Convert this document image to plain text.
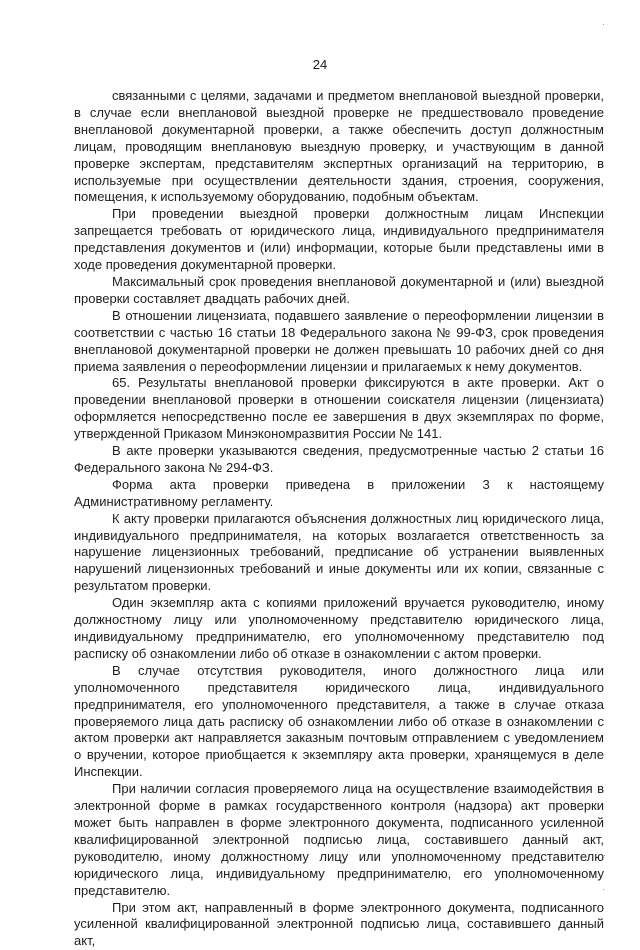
24

связанными с целями, задачами и предметом внеплановой выездной проверки, в случае если внеплановой выездной проверке не предшествовало проведение внеплановой документарной проверки, а также обеспечить доступ должностным лицам, проводящим внеплановую выездную проверку, и участвующим в данной проверке экспертам, представителям экспертных организаций на территорию, в используемые при осуществлении деятельности здания, строения, сооружения, помещения, к используемому оборудованию, подобным объектам.

При проведении выездной проверки должностным лицам Инспекции запрещается требовать от юридического лица, индивидуального предпринимателя представления документов и (или) информации, которые были представлены ими в ходе проведения документарной проверки.

Максимальный срок проведения внеплановой документарной и (или) выездной проверки составляет двадцать рабочих дней.

В отношении лицензиата, подавшего заявление о переоформлении лицензии в соответствии с частью 16 статьи 18 Федерального закона № 99-ФЗ, срок проведения внеплановой документарной проверки не должен превышать 10 рабочих дней со дня приема заявления о переоформлении лицензии и прилагаемых к нему документов.

65. Результаты внеплановой проверки фиксируются в акте проверки. Акт о проведении внеплановой проверки в отношении соискателя лицензии (лицензиата) оформляется непосредственно после ее завершения в двух экземплярах по форме, утвержденной Приказом Минэкономразвития России № 141.

В акте проверки указываются сведения, предусмотренные частью 2 статьи 16 Федерального закона № 294-ФЗ.

Форма акта проверки приведена в приложении 3 к настоящему Административному регламенту.

К акту проверки прилагаются объяснения должностных лиц юридического лица, индивидуального предпринимателя, на которых возлагается ответственность за нарушение лицензионных требований, предписание об устранении выявленных нарушений лицензионных требований и иные документы или их копии, связанные с результатом проверки.

Один экземпляр акта с копиями приложений вручается руководителю, иному должностному лицу или уполномоченному представителю юридического лица, индивидуальному предпринимателю, его уполномоченному представителю под расписку об ознакомлении либо об отказе в ознакомлении с актом проверки.

В случае отсутствия руководителя, иного должностного лица или уполномоченного представителя юридического лица, индивидуального предпринимателя, его уполномоченного представителя, а также в случае отказа проверяемого лица дать расписку об ознакомлении либо об отказе в ознакомлении с актом проверки акт направляется заказным почтовым отправлением с уведомлением о вручении, которое приобщается к экземпляру акта проверки, хранящемуся в деле Инспекции.

При наличии согласия проверяемого лица на осуществление взаимодействия в электронной форме в рамках государственного контроля (надзора) акт проверки может быть направлен в форме электронного документа, подписанного усиленной квалифицированной электронной подписью лица, составившего данный акт, руководителю, иному должностному лицу или уполномоченному представителю юридического лица, индивидуальному предпринимателю, его уполномоченному представителю.

При этом акт, направленный в форме электронного документа, подписанного усиленной квалифицированной электронной подписью лица, составившего данный акт,
